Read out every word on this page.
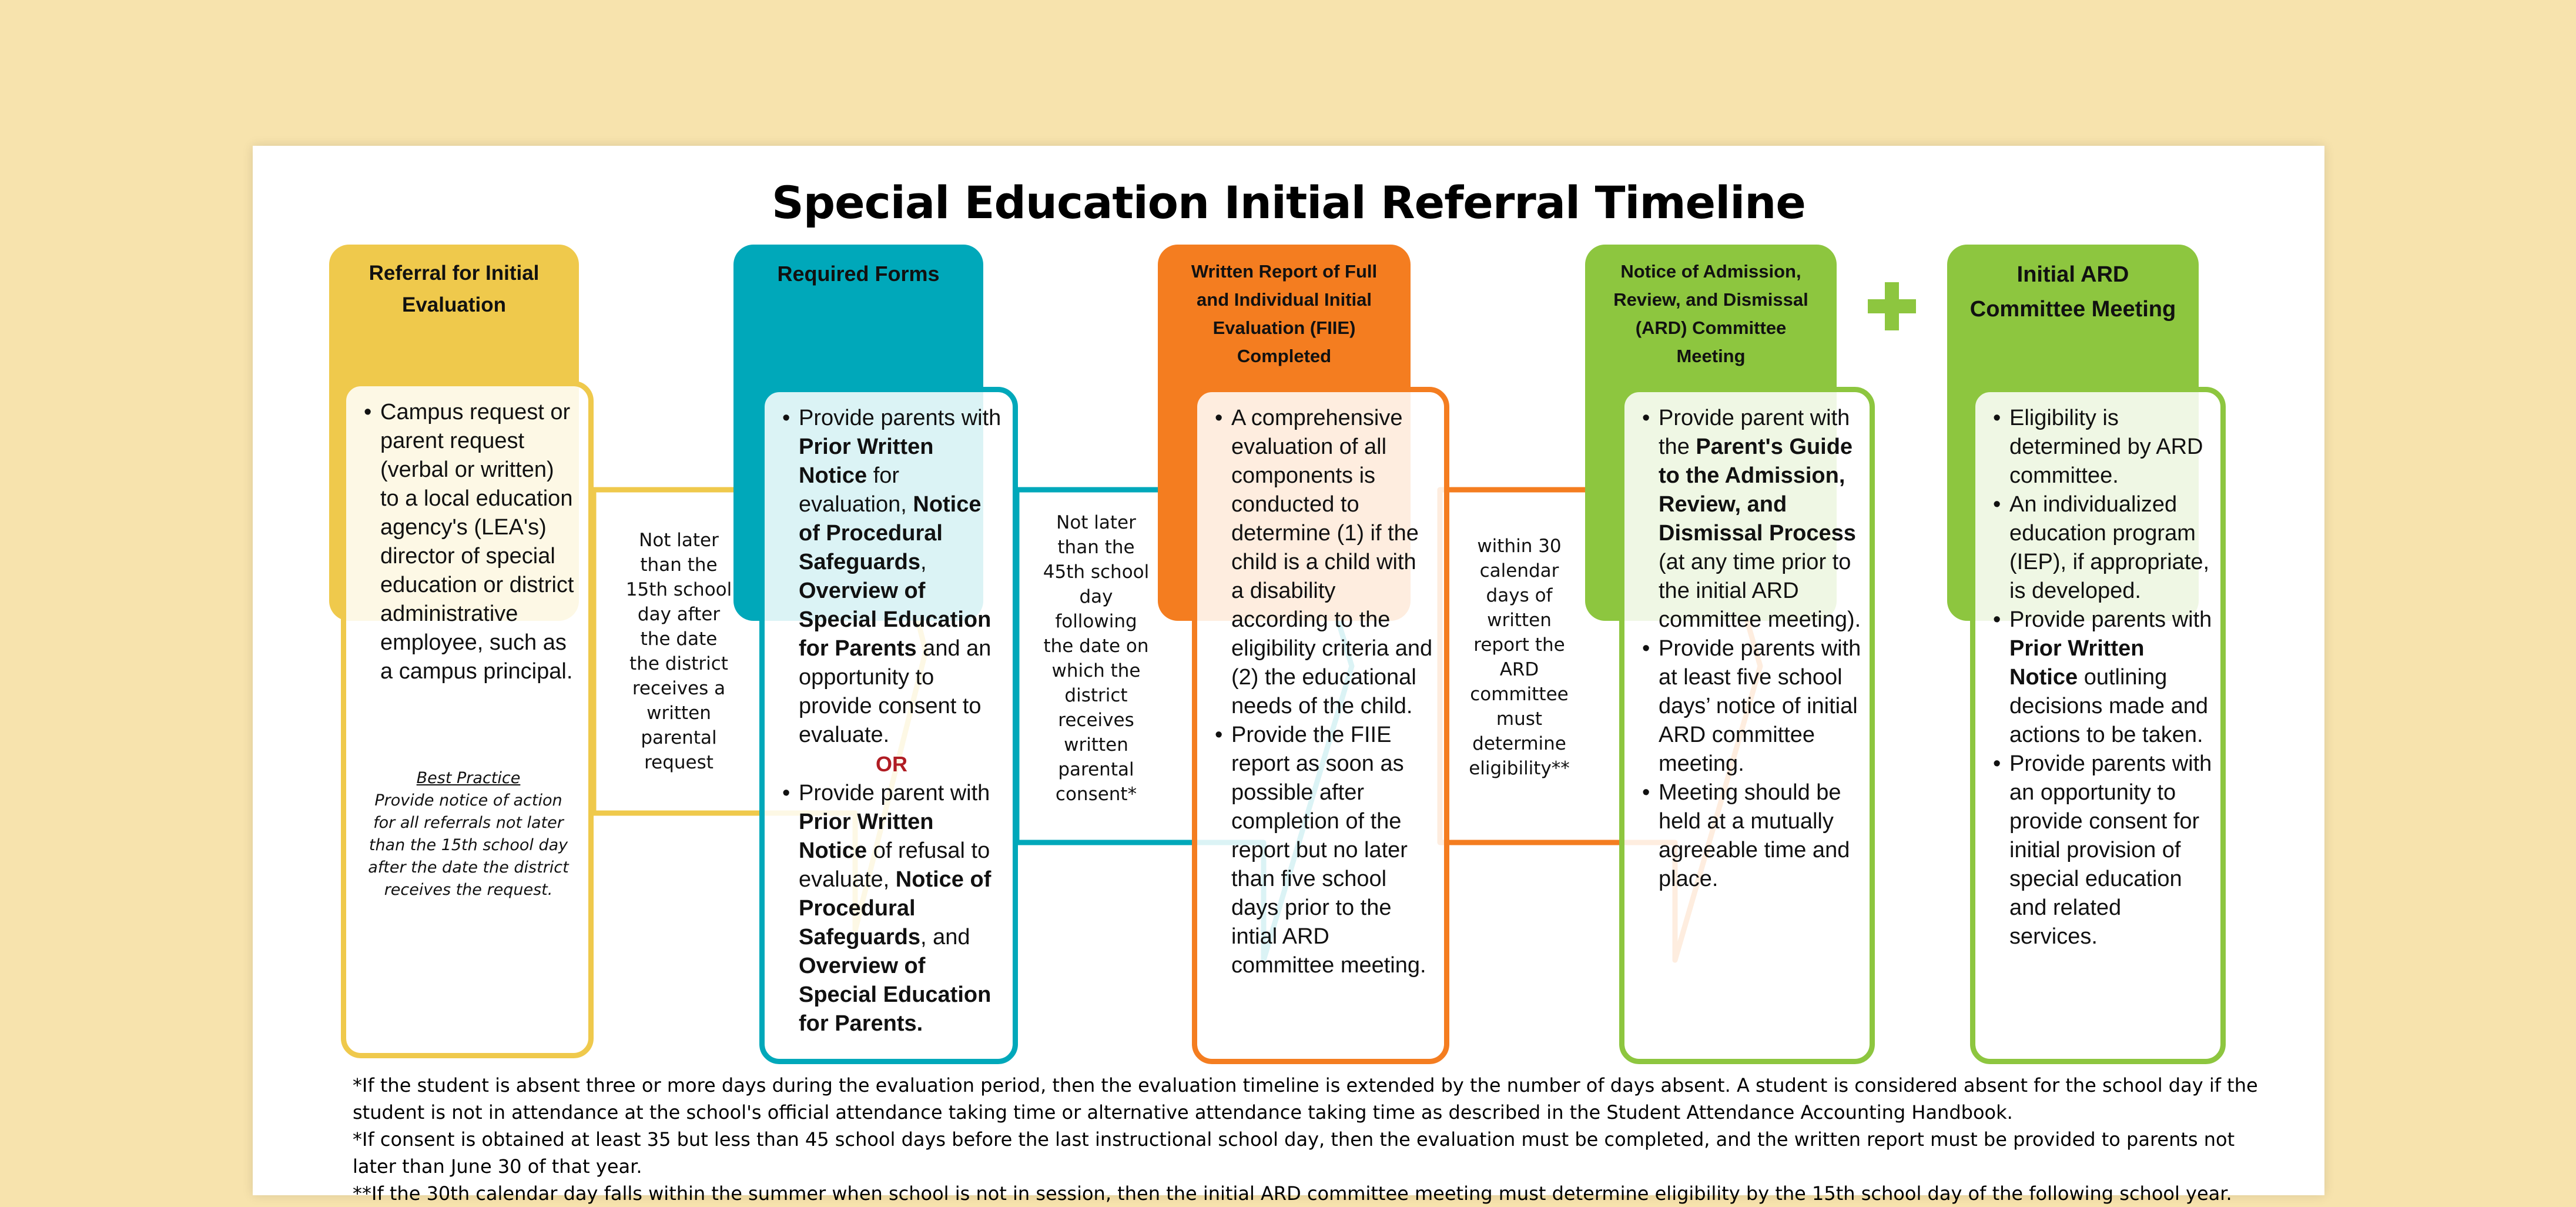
Special Education Initial Referral Timeline
Not later
than the
15th school
day after
the date
the district
receives a
written
parental
request
Not later
than the
45th school
day
following
the date on
which the
district
receives
written
parental
consent*
within 30
calendar
days of
written
report the
ARD
committee
must
determine
eligibility**
Referral for Initial
Evaluation
• Campus request or parent request (verbal or written) to a local education agency's (LEA's) director of special education or district administrative employee, such as a campus principal.
Best Practice
Provide notice of action for all referrals not later than the 15th school day after the date the district receives the request.
Required Forms
• Provide parents with Prior Written Notice for evaluation, Notice of Procedural Safeguards, Overview of Special Education for Parents and an opportunity to provide consent to evaluate.
OR
• Provide parent with Prior Written Notice of refusal to evaluate, Notice of Procedural Safeguards, and Overview of Special Education for Parents.
Written Report of Full
and Individual Initial
Evaluation (FIIE)
Completed
• A comprehensive evaluation of all components is conducted to determine (1) if the child is a child with a disability according to the eligibility criteria and (2) the educational needs of the child.
• Provide the FIIE report as soon as possible after completion of the report but no later than five school days prior to the intial ARD committee meeting.
Notice of Admission,
Review, and Dismissal
(ARD) Committee
Meeting
• Provide parent with the Parent's Guide to the Admission, Review, and Dismissal Process (at any time prior to the initial ARD committee meeting).
• Provide parents with at least five school days’ notice of initial ARD committee meeting.
• Meeting should be held at a mutually agreeable time and place.
Initial ARD
Committee Meeting
• Eligibility is determined by ARD committee.
• An individualized education program (IEP), if appropriate, is developed.
• Provide parents with Prior Written Notice outlining decisions made and actions to be taken.
• Provide parents with an opportunity to provide consent for initial provision of special education and related services.

*If the student is absent three or more days during the evaluation period, then the evaluation timeline is extended by the number of days absent. A student is considered absent for the school day if the student is not in attendance at the school's official attendance taking time or alternative attendance taking time as described in the Student Attendance Accounting Handbook.

*If consent is obtained at least 35 but less than 45 school days before the last instructional school day, then the evaluation must be completed, and the written report must be provided to parents not later than June 30 of that year.

**If the 30th calendar day falls within the summer when school is not in session, then the initial ARD committee meeting must determine eligibility by the 15th school day of the following school year.
